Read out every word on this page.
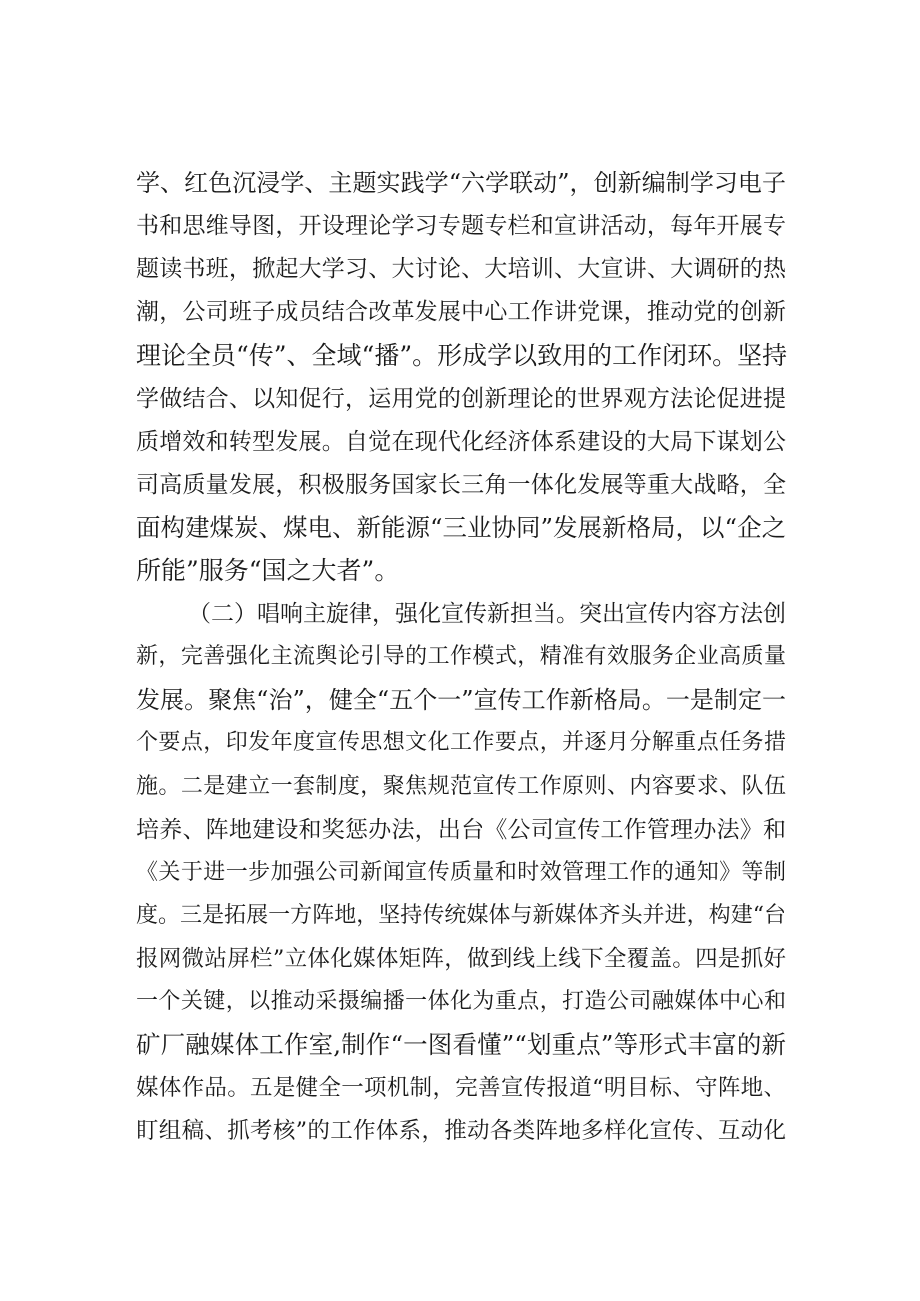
学、红色沉浸学、主题实践学“六学联动”，创新编制学习电子
书和思维导图，开设理论学习专题专栏和宣讲活动，每年开展专
题读书班，掀起大学习、大讨论、大培训、大宣讲、大调研的热
潮，公司班子成员结合改革发展中心工作讲党课，推动党的创新
理论全员“传”、全域“播”。形成学以致用的工作闭环。坚持
学做结合、以知促行，运用党的创新理论的世界观方法论促进提
质增效和转型发展。自觉在现代化经济体系建设的大局下谋划公
司高质量发展，积极服务国家长三角一体化发展等重大战略，全
面构建煤炭、煤电、新能源“三业协同”发展新格局，以“企之
所能”服务“国之大者”。
（二）唱响主旋律，强化宣传新担当。突出宣传内容方法创
新，完善强化主流舆论引导的工作模式，精准有效服务企业高质量
发展。聚焦“治”，健全“五个一”宣传工作新格局。一是制定一
个要点，印发年度宣传思想文化工作要点，并逐月分解重点任务措
施。二是建立一套制度，聚焦规范宣传工作原则、内容要求、队伍
培养、阵地建设和奖惩办法，出台《公司宣传工作管理办法》和
《关于进一步加强公司新闻宣传质量和时效管理工作的通知》等制
度。三是拓展一方阵地，坚持传统媒体与新媒体齐头并进，构建“台
报网微站屏栏”立体化媒体矩阵，做到线上线下全覆盖。四是抓好
一个关键，以推动采摄编播一体化为重点，打造公司融媒体中心和
矿厂融媒体工作室,制作“一图看懂”“划重点”等形式丰富的新
媒体作品。五是健全一项机制，完善宣传报道“明目标、守阵地、
盯组稿、抓考核”的工作体系，推动各类阵地多样化宣传、互动化
